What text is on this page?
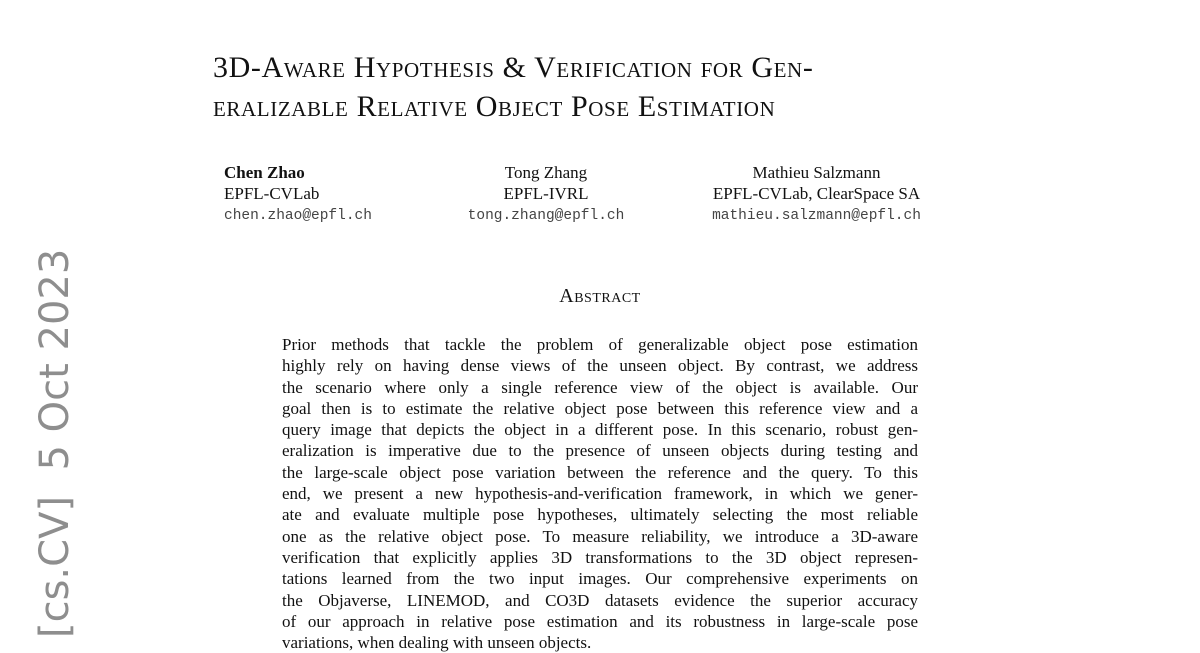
3D-Aware Hypothesis & Verification for Gen-
eralizable Relative Object Pose Estimation
Chen Zhao
EPFL-CVLab
chen.zhao@epfl.ch
Tong Zhang
EPFL-IVRL
tong.zhang@epfl.ch
Mathieu Salzmann
EPFL-CVLab, ClearSpace SA
mathieu.salzmann@epfl.ch
Abstract
Prior methods that tackle the problem of generalizable object pose estimation
highly rely on having dense views of the unseen object. By contrast, we address
the scenario where only a single reference view of the object is available. Our
goal then is to estimate the relative object pose between this reference view and a
query image that depicts the object in a different pose. In this scenario, robust gen-
eralization is imperative due to the presence of unseen objects during testing and
the large-scale object pose variation between the reference and the query. To this
end, we present a new hypothesis-and-verification framework, in which we gener-
ate and evaluate multiple pose hypotheses, ultimately selecting the most reliable
one as the relative object pose. To measure reliability, we introduce a 3D-aware
verification that explicitly applies 3D transformations to the 3D object represen-
tations learned from the two input images. Our comprehensive experiments on
the Objaverse, LINEMOD, and CO3D datasets evidence the superior accuracy
of our approach in relative pose estimation and its robustness in large-scale pose
variations, when dealing with unseen objects.
[cs.CV]  5 Oct 2023
